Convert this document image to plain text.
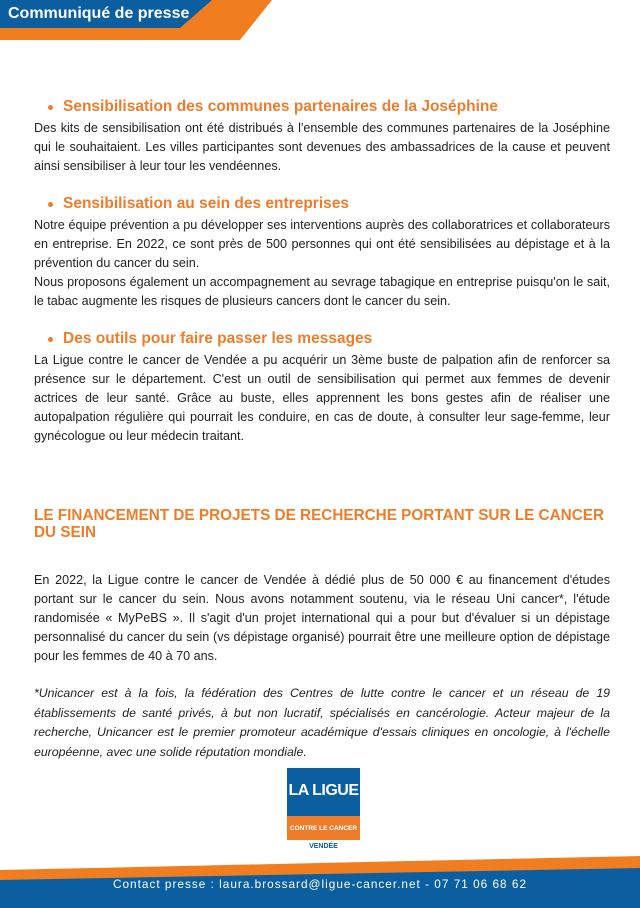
Communiqué de presse
Sensibilisation des communes partenaires de la Joséphine

Des kits de sensibilisation ont été distribués à l'ensemble des communes partenaires de la Joséphine qui le souhaitaient. Les villes participantes sont devenues des ambassadrices de la cause et peuvent ainsi sensibiliser à leur tour les vendéennes.

Sensibilisation au sein des entreprises

Notre équipe prévention a pu développer ses interventions auprès des collaboratrices et collaborateurs en entreprise. En 2022, ce sont près de 500 personnes qui ont été sensibilisées au dépistage et à la prévention du cancer du sein.

Nous proposons également un accompagnement au sevrage tabagique en entreprise puisqu'on le sait, le tabac augmente les risques de plusieurs cancers dont le cancer du sein.

Des outils pour faire passer les messages

La Ligue contre le cancer de Vendée a pu acquérir un 3ème buste de palpation afin de renforcer sa présence sur le département. C'est un outil de sensibilisation qui permet aux femmes de devenir actrices de leur santé. Grâce au buste, elles apprennent les bons gestes afin de réaliser une autopalpation régulière qui pourrait les conduire, en cas de doute, à consulter leur sage-femme, leur gynécologue ou leur médecin traitant.

LE FINANCEMENT DE PROJETS DE RECHERCHE PORTANT SUR LE CANCER DU SEIN

En 2022, la Ligue contre le cancer de Vendée à dédié plus de 50 000 € au financement d'études portant sur le cancer du sein. Nous avons notamment soutenu, via le réseau Uni cancer*, l'étude randomisée « MyPeBS ». Il s'agit d'un projet international qui a pour but d'évaluer si un dépistage personnalisé du cancer du sein (vs dépistage organisé) pourrait être une meilleure option de dépistage pour les femmes de 40 à 70 ans.

*Unicancer est à la fois, la fédération des Centres de lutte contre le cancer et un réseau de 19 établissements de santé privés, à but non lucratif, spécialisés en cancérologie. Acteur majeur de la recherche, Unicancer est le premier promoteur académique d'essais cliniques en oncologie, à l'échelle européenne, avec une solide réputation mondiale.

LA LIGUE
CONTRE LE CANCER
VENDÉE
Contact presse : laura.brossard@ligue-cancer.net - 07 71 06 68 62
